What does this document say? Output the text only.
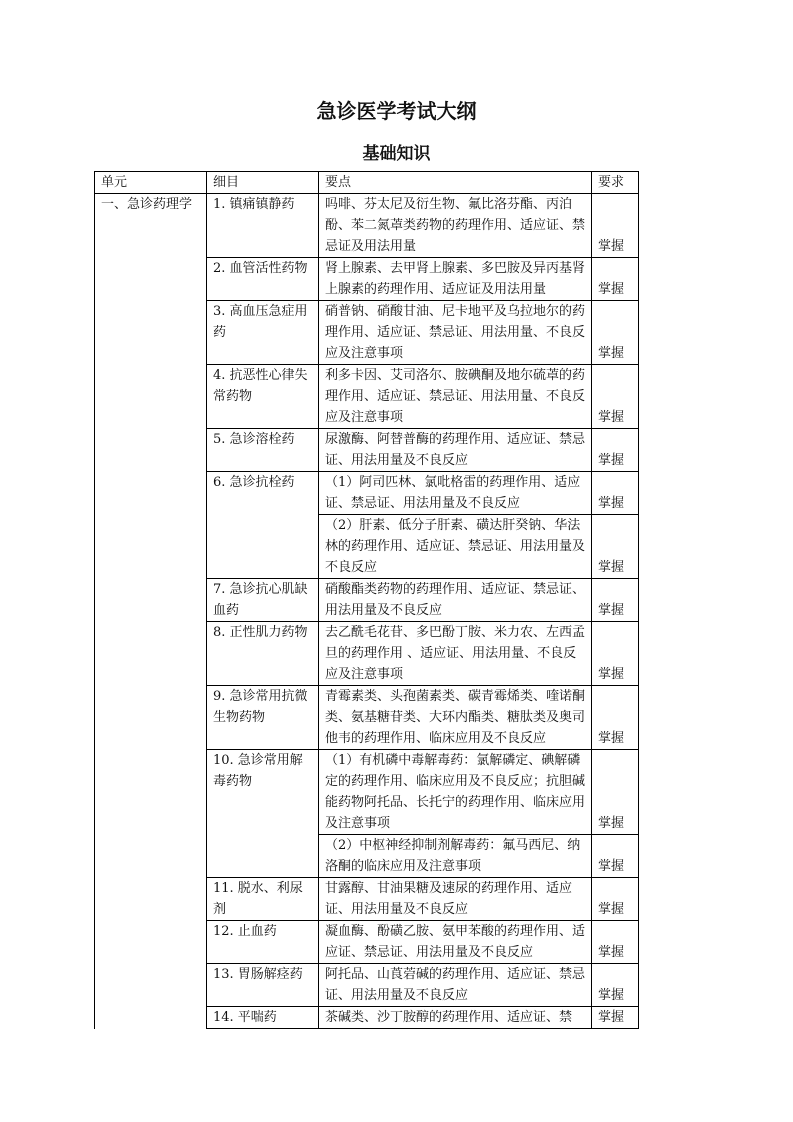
急诊医学考试大纲
基础知识
单元	细目	要点	要求
一、急诊药理学	1. 镇痛镇静药	吗啡、芬太尼及衍生物、氟比洛芬酯、丙泊酚、苯二氮䓬类药物的药理作用、适应证、禁忌证及用法用量	掌握
	2. 血管活性药物	肾上腺素、去甲肾上腺素、多巴胺及异丙基肾上腺素的药理作用、适应证及用法用量	掌握
	3. 高血压急症用药	硝普钠、硝酸甘油、尼卡地平及乌拉地尔的药理作用、适应证、禁忌证、用法用量、不良反应及注意事项	掌握
	4. 抗恶性心律失常药物	利多卡因、艾司洛尔、胺碘酮及地尔硫䓬的药理作用、适应证、禁忌证、用法用量、不良反应及注意事项	掌握
	5. 急诊溶栓药	尿激酶、阿替普酶的药理作用、适应证、禁忌证、用法用量及不良反应	掌握
	6. 急诊抗栓药	（1）阿司匹林、氯吡格雷的药理作用、适应证、禁忌证、用法用量及不良反应	掌握
		（2）肝素、低分子肝素、磺达肝癸钠、华法林的药理作用、适应证、禁忌证、用法用量及不良反应	掌握
	7. 急诊抗心肌缺血药	硝酸酯类药物的药理作用、适应证、禁忌证、用法用量及不良反应	掌握
	8. 正性肌力药物	去乙酰毛花苷、多巴酚丁胺、米力农、左西孟旦的药理作用 、适应证、用法用量、不良反应及注意事项	掌握
	9. 急诊常用抗微生物药物	青霉素类、头孢菌素类、碳青霉烯类、喹诺酮类、氨基糖苷类、大环内酯类、糖肽类及奥司他韦的药理作用、临床应用及不良反应	掌握
	10. 急诊常用解毒药物	（1）有机磷中毒解毒药：氯解磷定、碘解磷定的药理作用、临床应用及不良反应；抗胆碱能药物阿托品、长托宁的药理作用、临床应用及注意事项	掌握
		（2）中枢神经抑制剂解毒药：氟马西尼、纳洛酮的临床应用及注意事项	掌握
	11. 脱水、利尿剂	甘露醇、甘油果糖及速尿的药理作用、适应证、用法用量及不良反应	掌握
	12. 止血药	凝血酶、酚磺乙胺、氨甲苯酸的药理作用、适应证、禁忌证、用法用量及不良反应	掌握
	13. 胃肠解痉药	阿托品、山莨菪碱的药理作用、适应证、禁忌证、用法用量及不良反应	掌握
	14. 平喘药	茶碱类、沙丁胺醇的药理作用、适应证、禁	掌握
